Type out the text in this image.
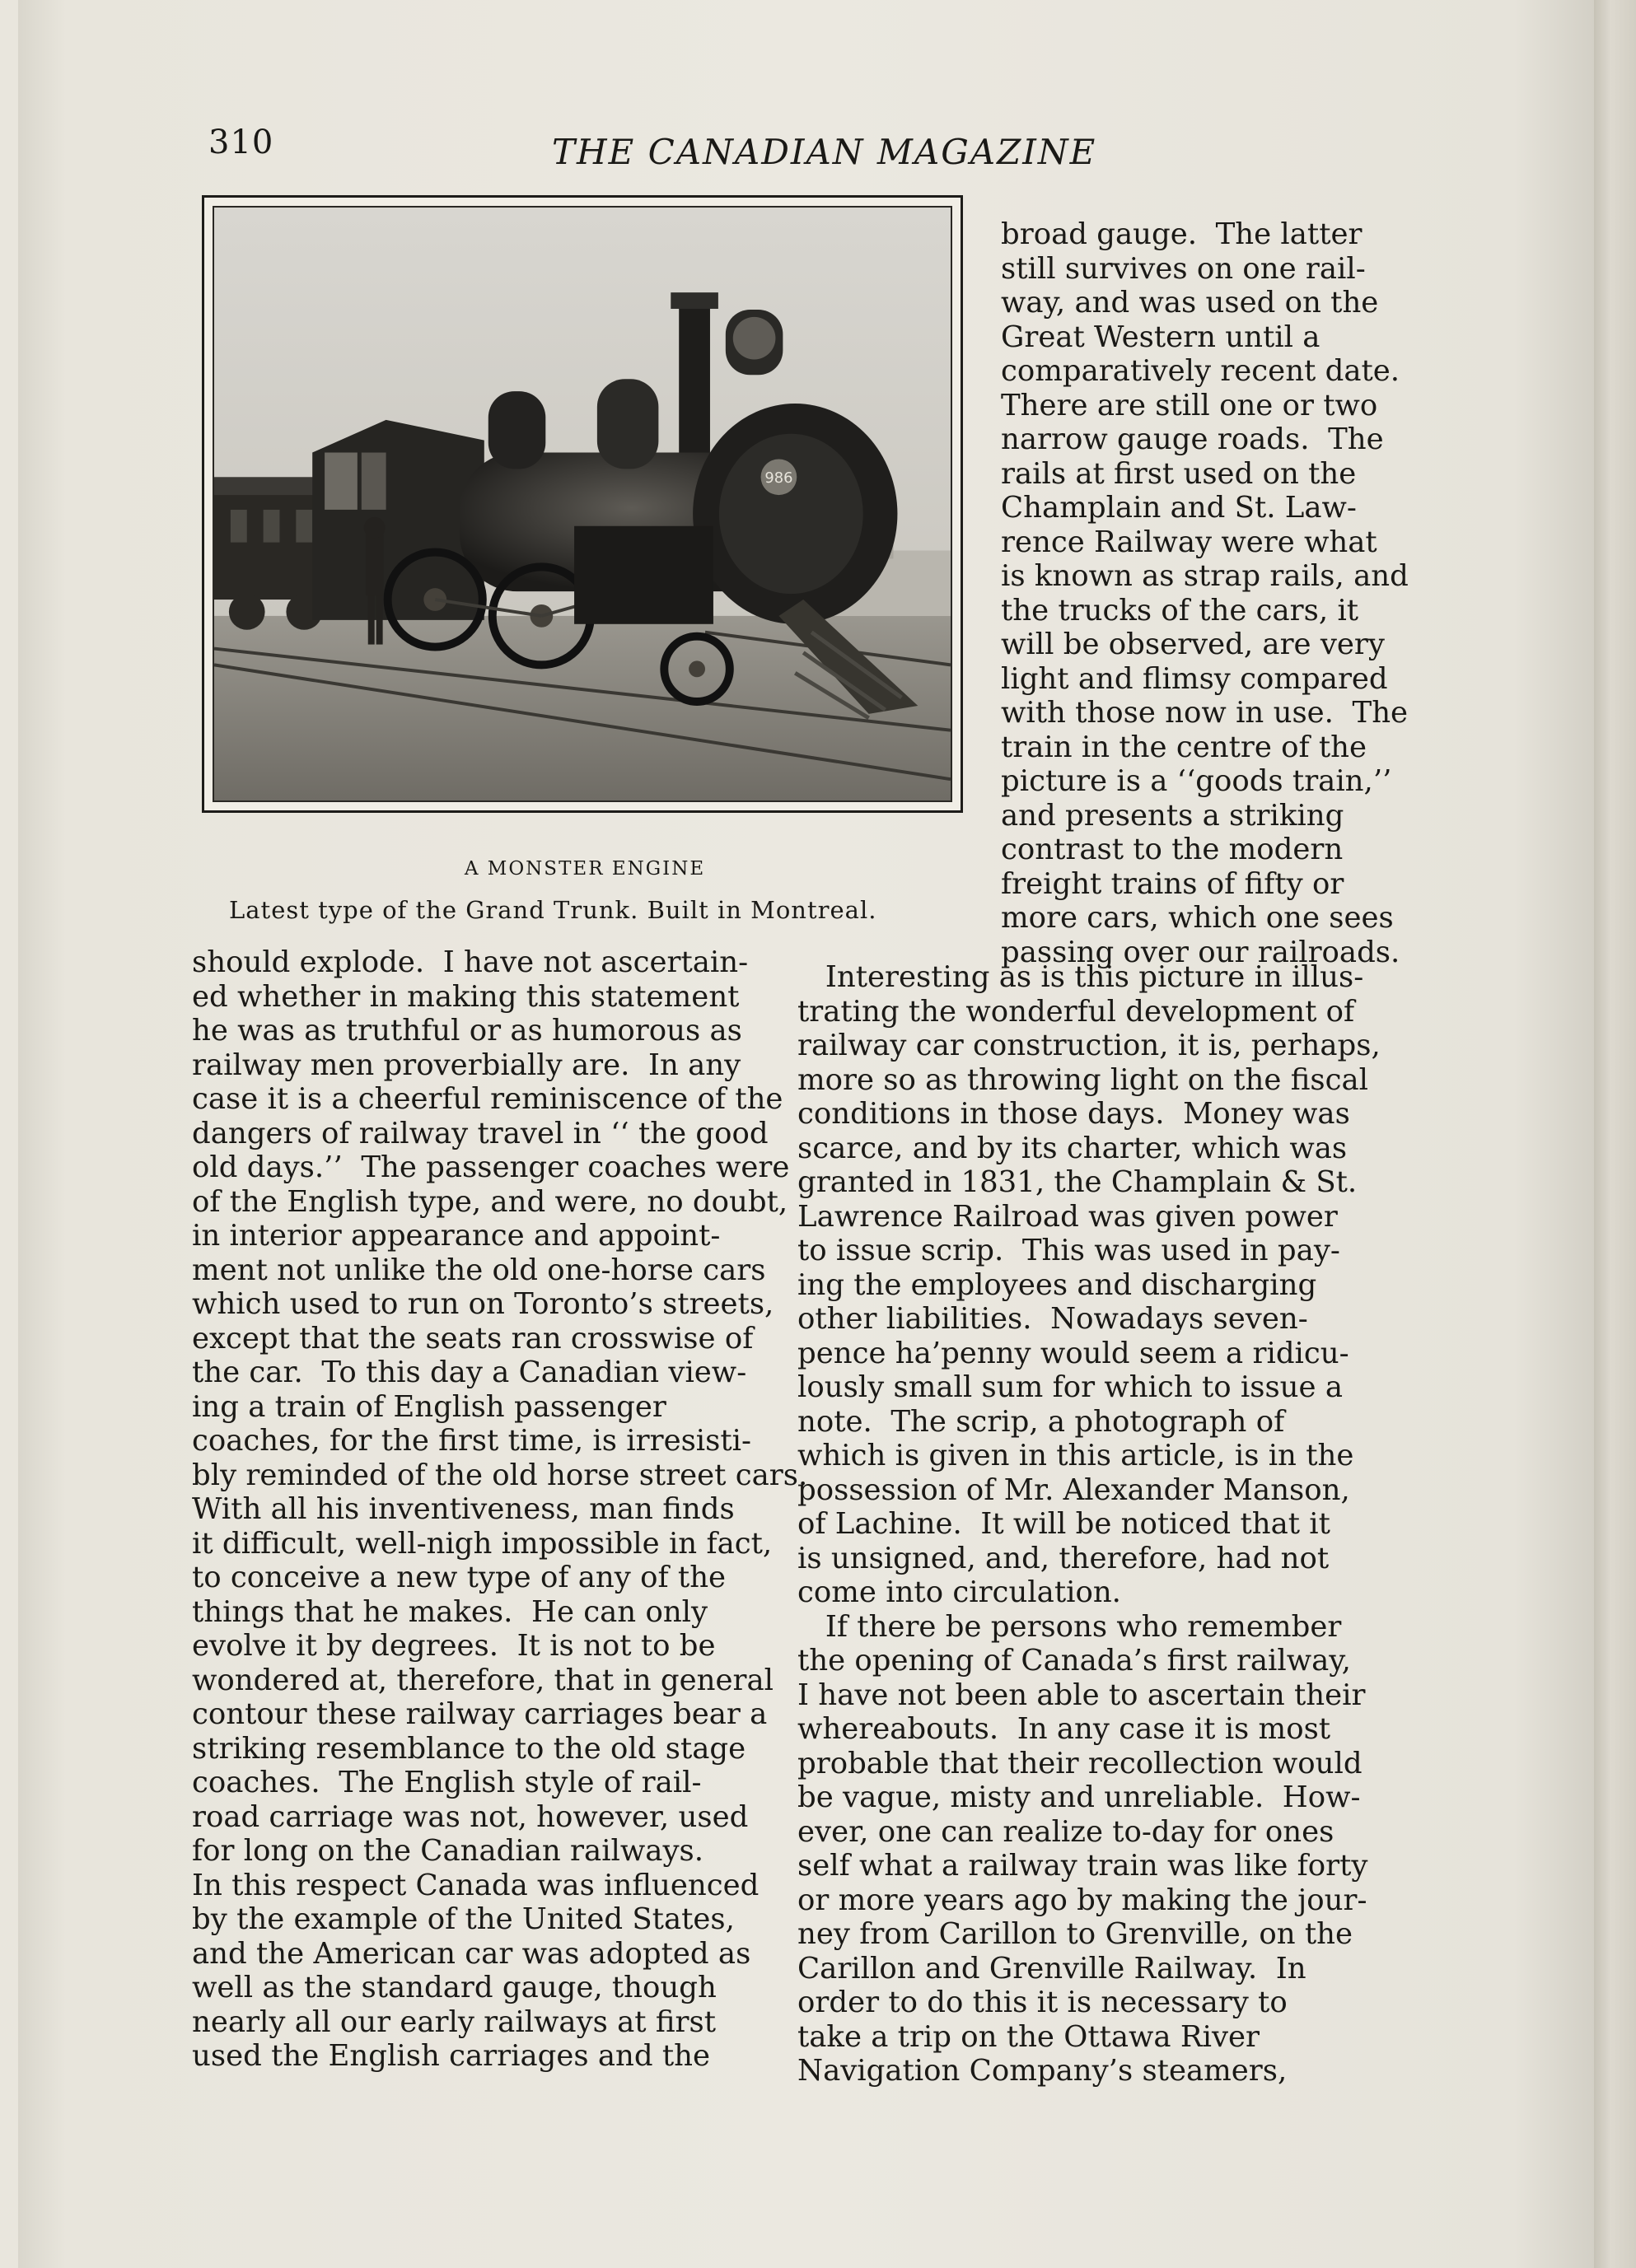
310	THE CANADIAN MAGAZINE
986
A MONSTER ENGINE
Latest type of the Grand Trunk. Built in Montreal.
broad gauge.  The latter
still survives on one rail-
way, and was used on the
Great Western until a
comparatively recent date.
There are still one or two
narrow gauge roads.  The
rails at first used on the
Champlain and St. Law-
rence Railway were what
is known as strap rails, and
the trucks of the cars, it
will be observed, are very
light and flimsy compared
with those now in use.  The
train in the centre of the
picture is a ‘‘goods train,’’
and presents a striking
contrast to the modern
freight trains of fifty or
more cars, which one sees
passing over our railroads.
should explode.  I have not ascertain-
ed whether in making this statement
he was as truthful or as humorous as
railway men proverbially are.  In any
case it is a cheerful reminiscence of the
dangers of railway travel in ‘‘ the good
old days.’’  The passenger coaches were
of the English type, and were, no doubt,
in interior appearance and appoint-
ment not unlike the old one-horse cars
which used to run on Toronto’s streets,
except that the seats ran crosswise of
the car.  To this day a Canadian view-
ing a train of English passenger
coaches, for the first time, is irresisti-
bly reminded of the old horse street cars.
With all his inventiveness, man finds
it difficult, well-nigh impossible in fact,
to conceive a new type of any of the
things that he makes.  He can only
evolve it by degrees.  It is not to be
wondered at, therefore, that in general
contour these railway carriages bear a
striking resemblance to the old stage
coaches.  The English style of rail-
road carriage was not, however, used
for long on the Canadian railways.
In this respect Canada was influenced
by the example of the United States,
and the American car was adopted as
well as the standard gauge, though
nearly all our early railways at first
used the English carriages and the
Interesting as is this picture in illus-
trating the wonderful development of
railway car construction, it is, perhaps,
more so as throwing light on the fiscal
conditions in those days.  Money was
scarce, and by its charter, which was
granted in 1831, the Champlain & St.
Lawrence Railroad was given power
to issue scrip.  This was used in pay-
ing the employees and discharging
other liabilities.  Nowadays seven-
pence ha’penny would seem a ridicu-
lously small sum for which to issue a
note.  The scrip, a photograph of
which is given in this article, is in the
possession of Mr. Alexander Manson,
of Lachine.  It will be noticed that it
is unsigned, and, therefore, had not
come into circulation.
If there be persons who remember
the opening of Canada’s first railway,
I have not been able to ascertain their
whereabouts.  In any case it is most
probable that their recollection would
be vague, misty and unreliable.  How-
ever, one can realize to-day for ones
self what a railway train was like forty
or more years ago by making the jour-
ney from Carillon to Grenville, on the
Carillon and Grenville Railway.  In
order to do this it is necessary to
take a trip on the Ottawa River
Navigation Company’s steamers,
